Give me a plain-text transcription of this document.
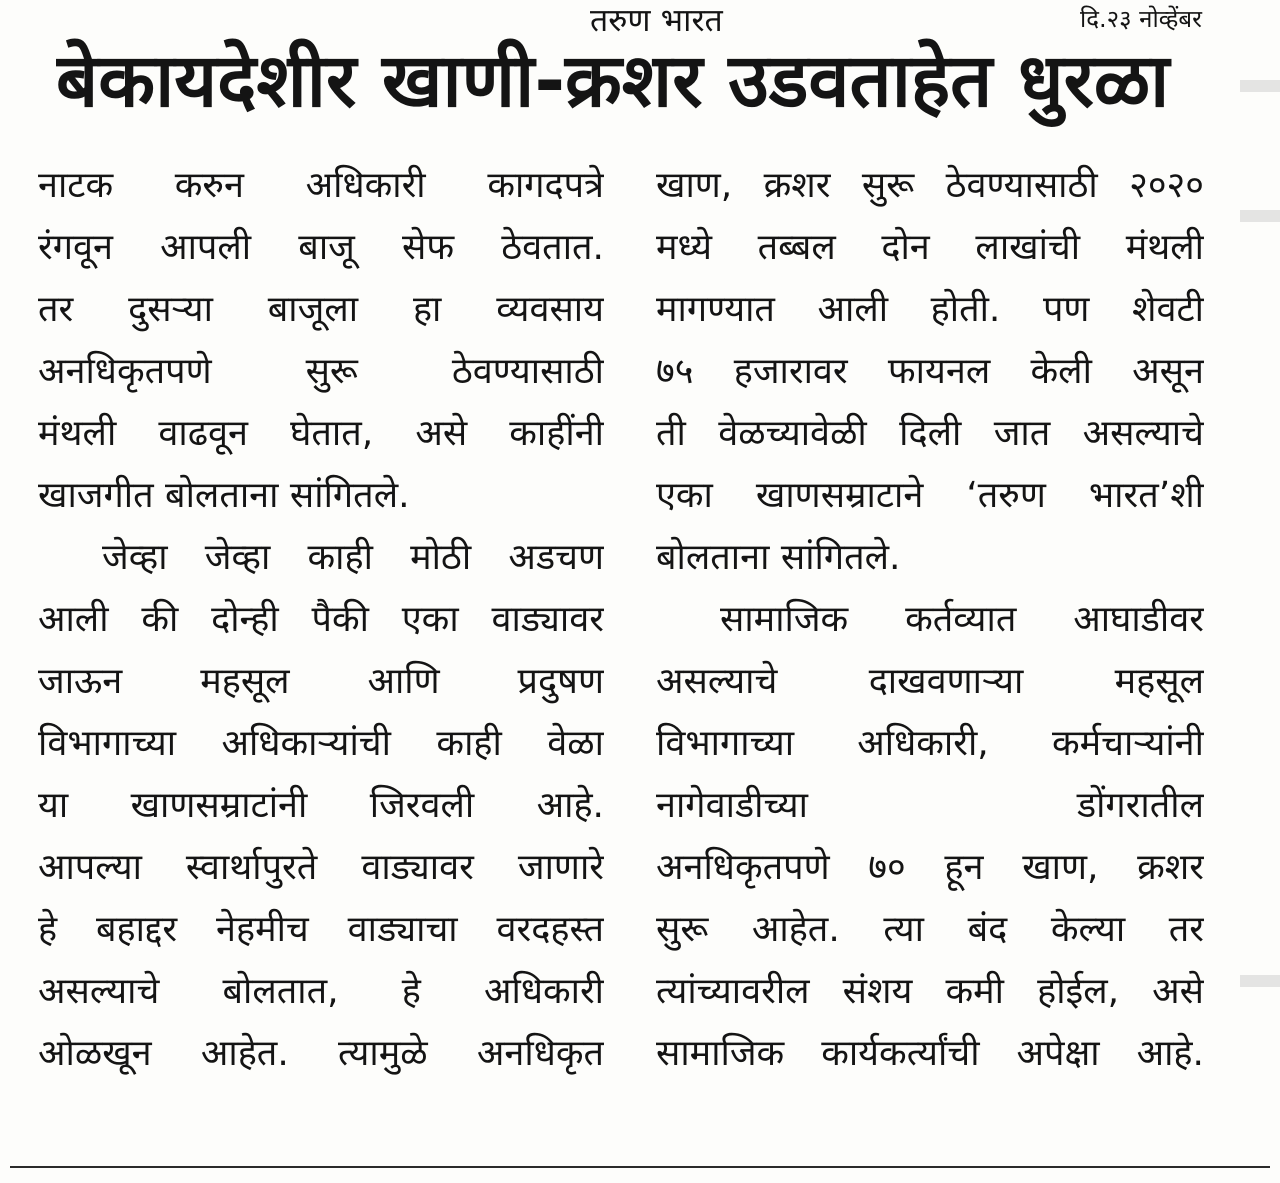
तरुण भारत	दि.२३ नोव्हेंबर
बेकायदेशीर खाणी-क्रशर उडवताहेत धुरळा
नाटक करुन अधिकारी कागदपत्रे
रंगवून आपली बाजू सेफ ठेवतात.
तर दुसऱ्या बाजूला हा व्यवसाय
अनधिकृतपणे सुरू ठेवण्यासाठी
मंथली वाढवून घेतात, असे काहींनी
खाजगीत बोलताना सांगितले.
जेव्हा जेव्हा काही मोठी अडचण
आली की दोन्ही पैकी एका वाड्यावर
जाऊन महसूल आणि प्रदुषण
विभागाच्या अधिकाऱ्यांची काही वेळा
या खाणसम्राटांनी जिरवली आहे.
आपल्या स्वार्थापुरते वाड्यावर जाणारे
हे बहाद्दर नेहमीच वाड्याचा वरदहस्त
असल्याचे बोलतात, हे अधिकारी
ओळखून आहेत. त्यामुळे अनधिकृत
खाण, क्रशर सुरू ठेवण्यासाठी २०२०
मध्ये तब्बल दोन लाखांची मंथली
मागण्यात आली होती. पण शेवटी
७५ हजारावर फायनल केली असून
ती वेळच्यावेळी दिली जात असल्याचे
एका खाणसम्राटाने ‘तरुण भारत’शी
बोलताना सांगितले.
सामाजिक कर्तव्यात आघाडीवर
असल्याचे दाखवणाऱ्या महसूल
विभागाच्या अधिकारी, कर्मचाऱ्यांनी
नागेवाडीच्या डोंगरातील
अनधिकृतपणे ७० हून खाण, क्रशर
सुरू आहेत. त्या बंद केल्या तर
त्यांच्यावरील संशय कमी होईल, असे
सामाजिक कार्यकर्त्यांची अपेक्षा आहे.
